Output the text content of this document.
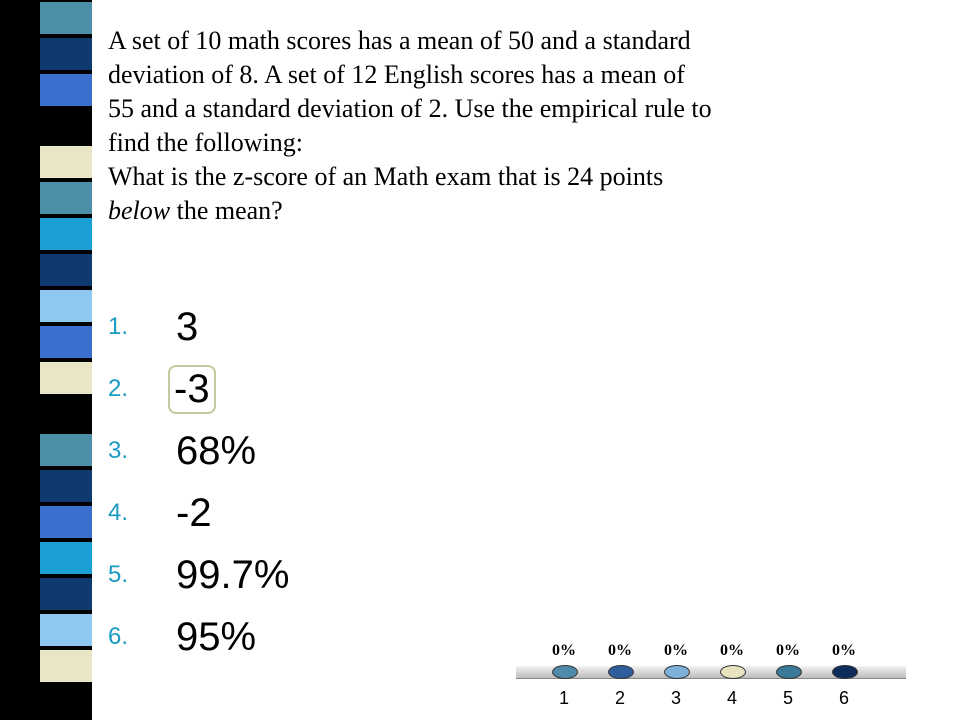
A set of 10 math scores has a mean of 50 and a standard

deviation of 8. A set of 12 English scores has a mean of

55 and a standard deviation of 2. Use the empirical rule to

find the following:

What is the z-score of an Math exam that is 24 points

below the mean?

1.	3
2.	-3
3.	68%
4.	-2
5.	99.7%
6.	95%	0%
1
0%
2
0%
3
0%
4
0%
5
0%
6
